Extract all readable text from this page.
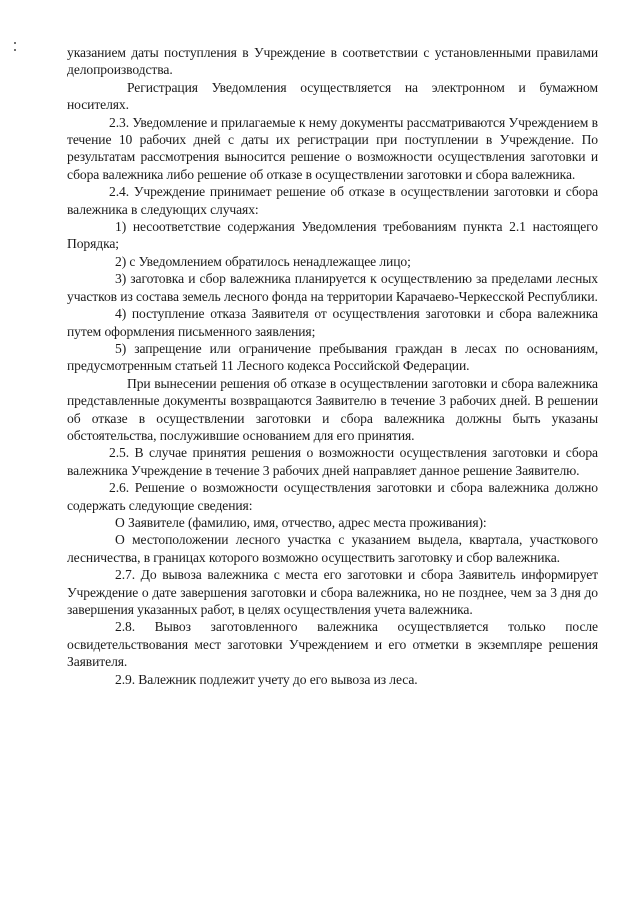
указанием даты поступления в Учреждение в соответствии с установленными правилами делопроизводства.

Регистрация Уведомления осуществляется на электронном и бумажном носителях.

2.3. Уведомление и прилагаемые к нему документы рассматриваются Учреждением в течение 10 рабочих дней с даты их регистрации при поступлении в Учреждение. По результатам рассмотрения выносится решение о возможности осуществления заготовки и сбора валежника либо решение об отказе в осуществлении заготовки и сбора валежника.

2.4. Учреждение принимает решение об отказе в осуществлении заготовки и сбора валежника в следующих случаях:

1) несоответствие содержания Уведомления требованиям пункта 2.1 настоящего Порядка;

2) с Уведомлением обратилось ненадлежащее лицо;

3) заготовка и сбор валежника планируется к осуществлению за пределами лесных участков из состава земель лесного фонда на территории Карачаево-Черкесской Республики.

4) поступление отказа Заявителя от осуществления заготовки и сбора валежника путем оформления письменного заявления;

5) запрещение или ограничение пребывания граждан в лесах по основаниям, предусмотренным статьей 11 Лесного кодекса Российской Федерации.

При вынесении решения об отказе в осуществлении заготовки и сбора валежника представленные документы возвращаются Заявителю в течение 3 рабочих дней. В решении об отказе в осуществлении заготовки и сбора валежника должны быть указаны обстоятельства, послужившие основанием для его принятия.

2.5. В случае принятия решения о возможности осуществления заготовки и сбора валежника Учреждение в течение 3 рабочих дней направляет данное решение Заявителю.

2.6. Решение о возможности осуществления заготовки и сбора валежника должно содержать следующие сведения:

О Заявителе (фамилию, имя, отчество, адрес места проживания):

О местоположении лесного участка с указанием выдела, квартала, участкового лесничества, в границах которого возможно осуществить заготовку и сбор валежника.

2.7. До вывоза валежника с места его заготовки и сбора Заявитель информирует Учреждение о дате завершения заготовки и сбора валежника, но не позднее, чем за 3 дня до завершения указанных работ, в целях осуществления учета валежника.

2.8. Вывоз заготовленного валежника осуществляется только после освидетельствования мест заготовки Учреждением и его отметки в экземпляре решения Заявителя.

2.9. Валежник подлежит учету до его вывоза из леса.
